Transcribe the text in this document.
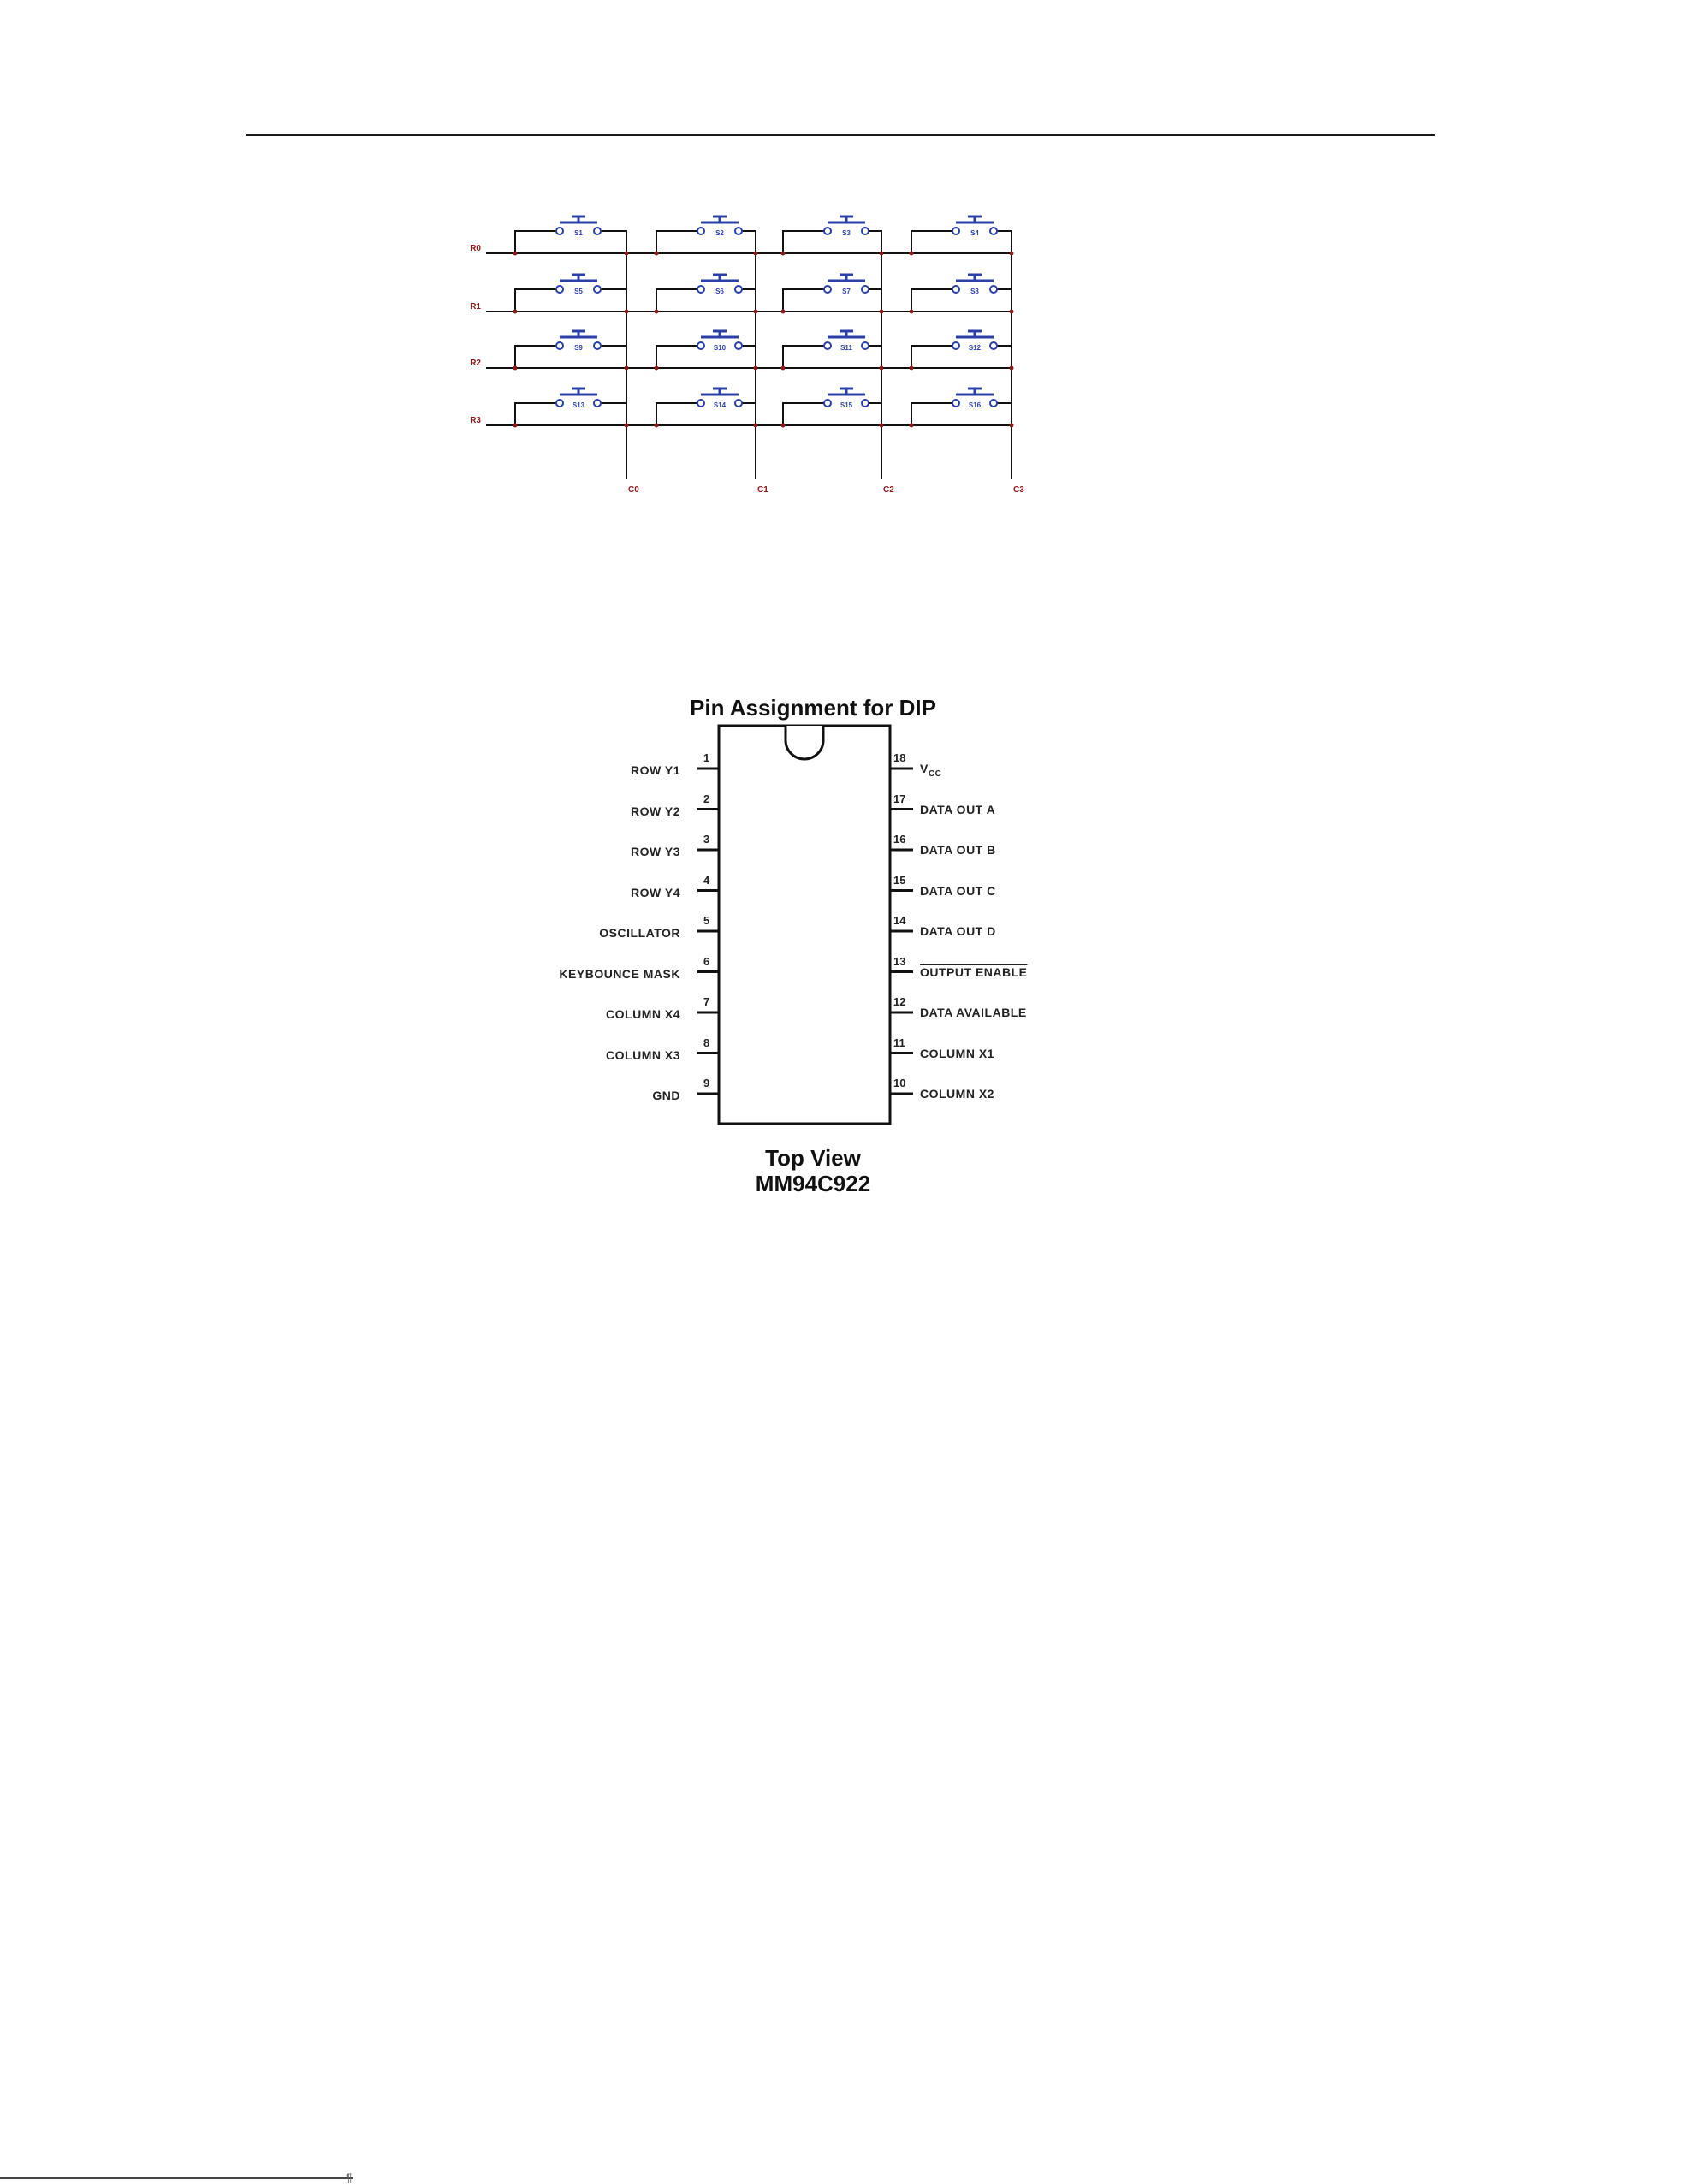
R0
R1
R2
R3
C0	C1	C2	C3
S1	S2	S3	S4
S5	S6	S7	S8
S9	S10	S11	S12
S13	S14	S15	S16
Pin Assignment for DIP
Top View
MM94C922
1
ROW Y1
2
ROW Y2
3
ROW Y3
4
ROW Y4
5
OSCILLATOR
6
KEYBOUNCE MASK
7
COLUMN X4
8
COLUMN X3
9
GND
18
$V_{CC}$
17
DATA OUT A
16
DATA OUT B
15
DATA OUT C
14
DATA OUT D
13
OUTPUT ENABLE
12
DATA AVAILABLE
11
COLUMN X1
10
COLUMN X2
¶
